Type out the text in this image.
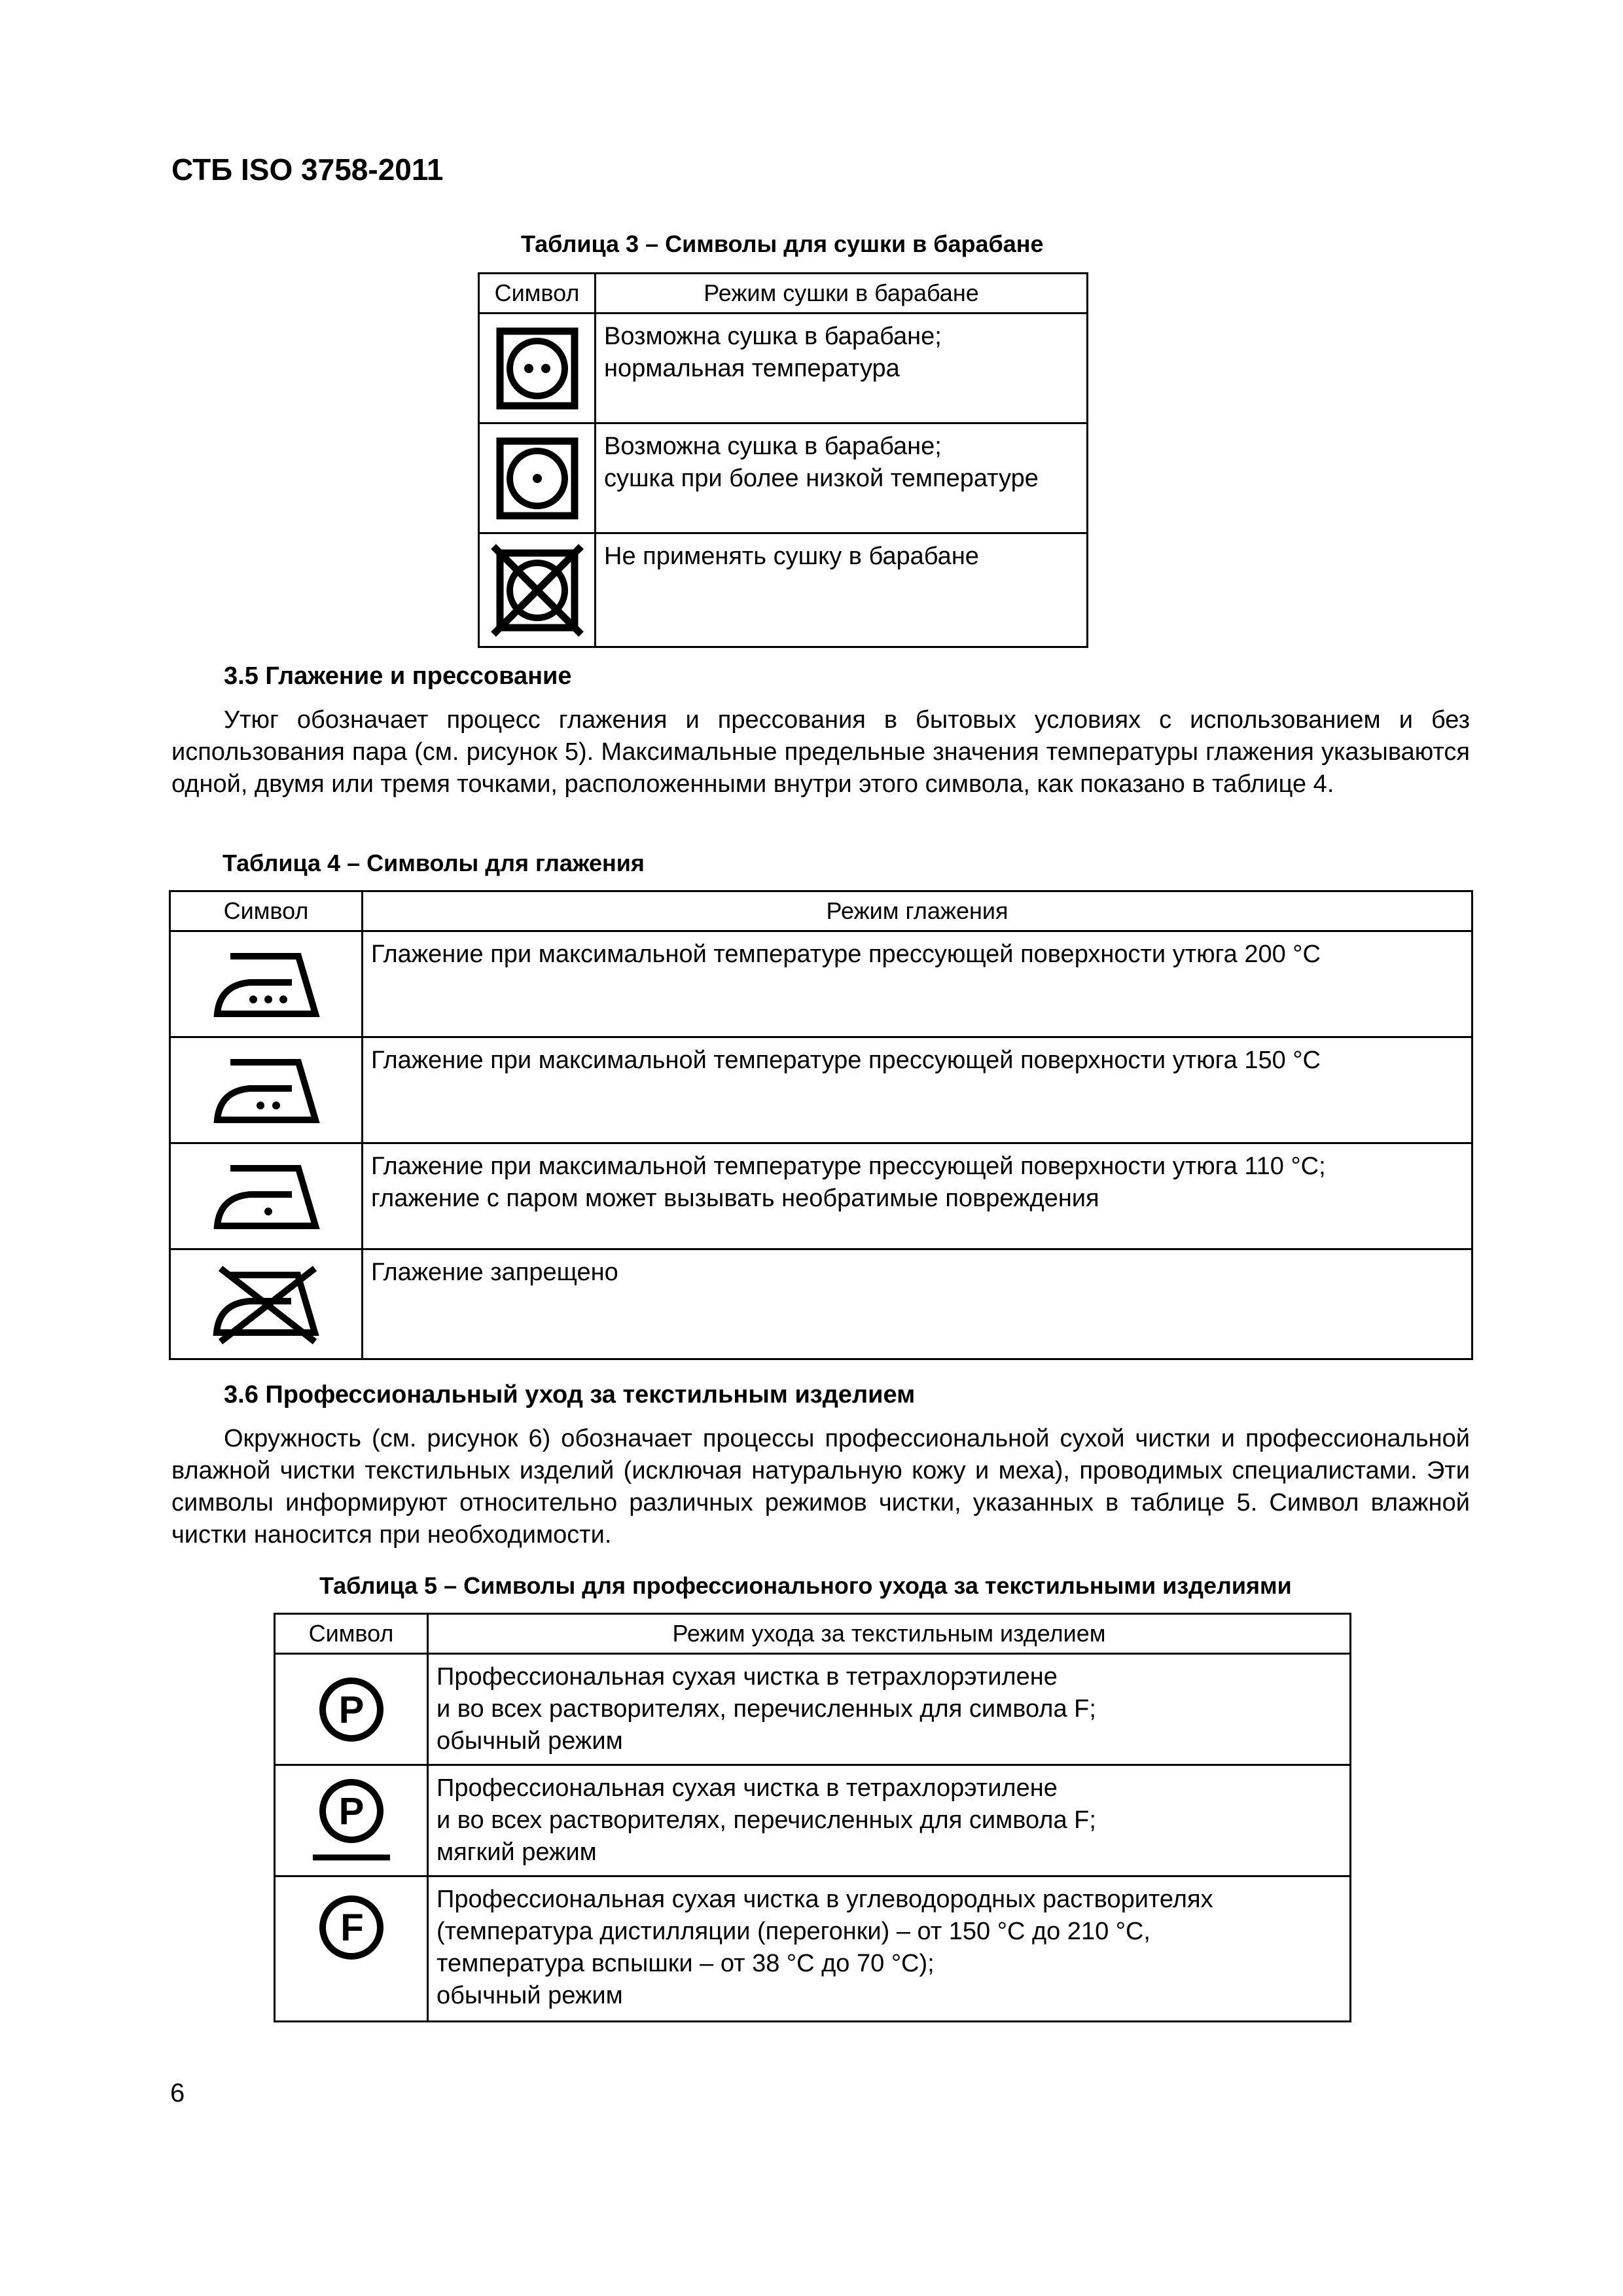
СТБ ISO 3758-2011
Таблица 3 – Символы для сушки в барабане
Символ	Режим сушки в барабане

Возможна сушка в барабане;
нормальная температура

Возможна сушка в барабане;
сушка при более низкой температуре

Не применять сушку в барабане
3.5 Глажение и прессование
Утюг обозначает процесс глажения и прессования в бытовых условиях с использованием и без использования пара (см. рисунок 5). Максимальные предельные значения температуры глажения указываются одной, двумя или тремя точками, расположенными внутри этого символа, как показано в таблице 4.
Таблица 4 – Символы для глажения
Символ	Режим глажения

Глажение при максимальной температуре прессующей поверхности утюга 200 °С

Глажение при максимальной температуре прессующей поверхности утюга 150 °С

Глажение при максимальной температуре прессующей поверхности утюга 110 °С;
глажение с паром может вызывать необратимые повреждения

Глажение запрещено
3.6 Профессиональный уход за текстильным изделием
Окружность (см. рисунок 6) обозначает процессы профессиональной сухой чистки и профессиональной влажной чистки текстильных изделий (исключая натуральную кожу и меха), проводимых специалистами. Эти символы информируют относительно различных режимов чистки, указанных в таблице 5. Символ влажной чистки наносится при необходимости.
Таблица 5 – Символы для профессионального ухода за текстильными изделиями
Символ	Режим ухода за текстильным изделием

P	Профессиональная сухая чистка в тетрахлорэтилене
и во всех растворителях, перечисленных для символа F;
обычный режим

P	Профессиональная сухая чистка в тетрахлорэтилене
и во всех растворителях, перечисленных для символа F;
мягкий режим

F	Профессиональная сухая чистка в углеводородных растворителях
(температура дистилляции (перегонки) – от 150 °С до 210 °С,
температура вспышки – от 38 °С до 70 °С);
обычный режим
6
